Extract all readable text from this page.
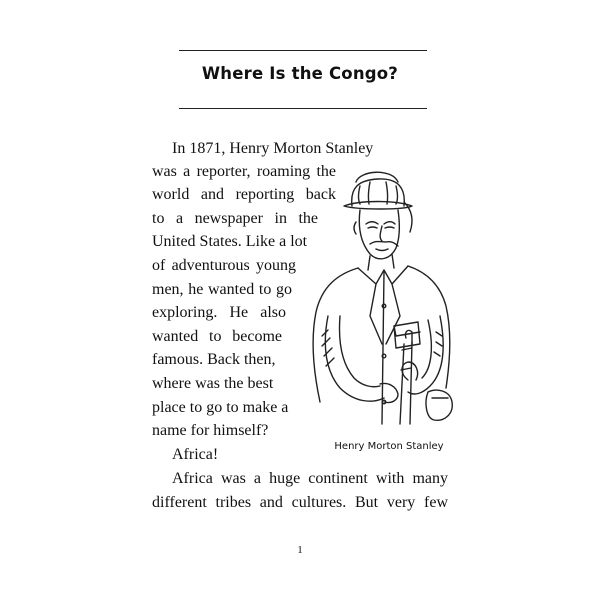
Where Is the Congo?
In 1871, Henry Morton Stanley
was a reporter, roaming the
world and reporting back
to a newspaper in the
United States. Like a lot
of adventurous young
men, he wanted to go
exploring. He also
wanted to become
famous. Back then,
where was the best
place to go to make a
name for himself?
Africa!
Africa was a huge continent with many
different tribes and cultures. But very few
Henry Morton Stanley
1
